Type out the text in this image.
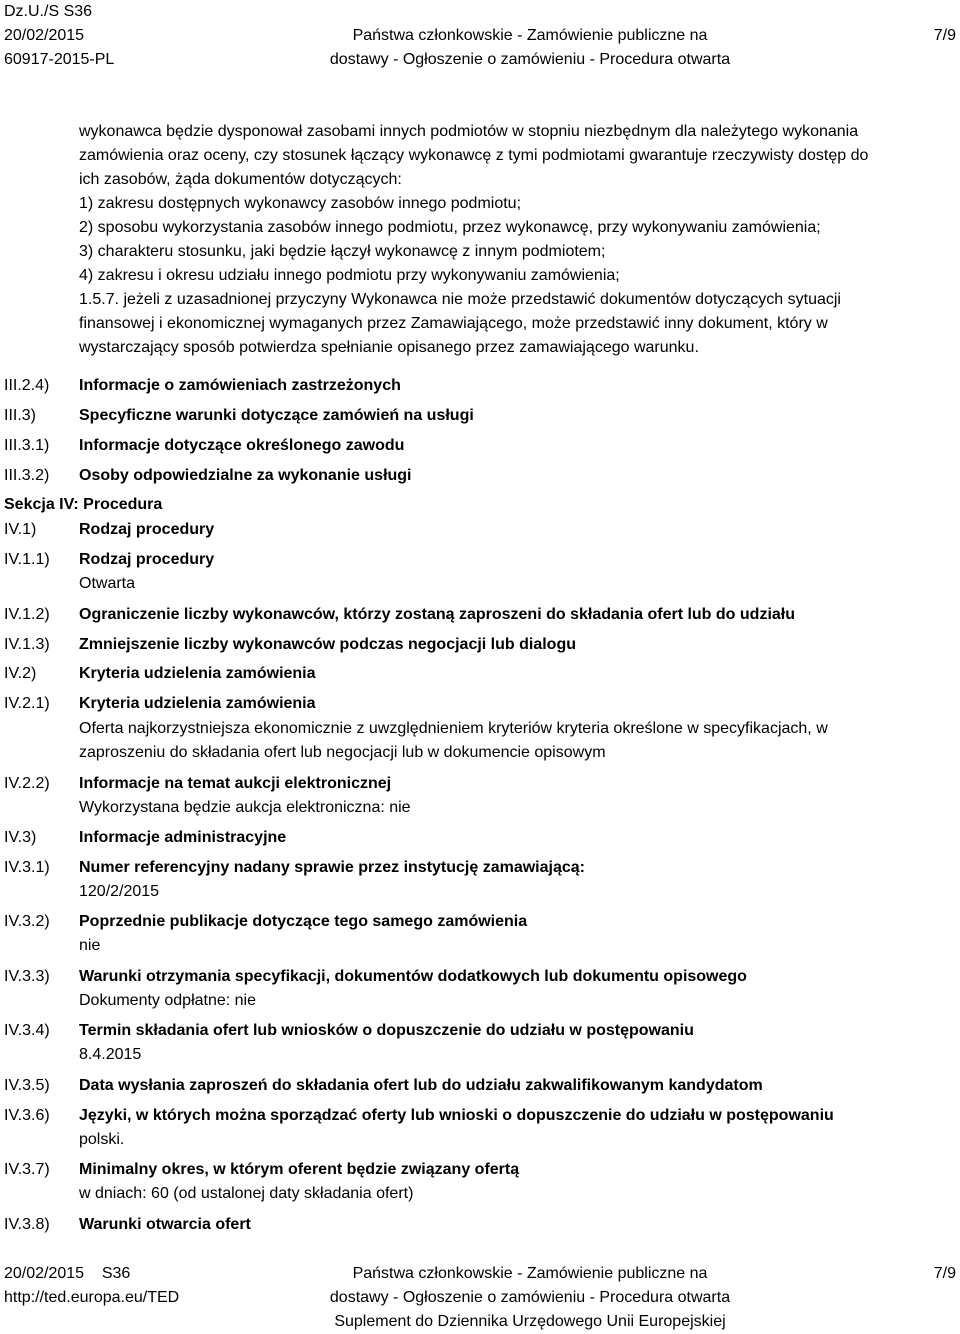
Dz.U./S S36
20/02/2015
60917-2015-PL
Państwa członkowskie - Zamówienie publiczne na
dostawy - Ogłoszenie o zamówieniu - Procedura otwarta
7/9
wykonawca będzie dysponował zasobami innych podmiotów w stopniu niezbędnym dla należytego wykonania
zamówienia oraz oceny, czy stosunek łączący wykonawcę z tymi podmiotami gwarantuje rzeczywisty dostęp do
ich zasobów, żąda dokumentów dotyczących:
1) zakresu dostępnych wykonawcy zasobów innego podmiotu;
2) sposobu wykorzystania zasobów innego podmiotu, przez wykonawcę, przy wykonywaniu zamówienia;
3) charakteru stosunku, jaki będzie łączył wykonawcę z innym podmiotem;
4) zakresu i okresu udziału innego podmiotu przy wykonywaniu zamówienia;
1.5.7. jeżeli z uzasadnionej przyczyny Wykonawca nie może przedstawić dokumentów dotyczących sytuacji
finansowej i ekonomicznej wymaganych przez Zamawiającego, może przedstawić inny dokument, który w
wystarczający sposób potwierdza spełnianie opisanego przez zamawiającego warunku.
III.2.4) Informacje o zamówieniach zastrzeżonych
III.3)	Specyficzne warunki dotyczące zamówień na usługi
III.3.1) Informacje dotyczące określonego zawodu
III.3.2) Osoby odpowiedzialne za wykonanie usługi
Sekcja IV: Procedura
IV.1)	Rodzaj procedury
IV.1.1) Rodzaj procedury
Otwarta
IV.1.2) Ograniczenie liczby wykonawców, którzy zostaną zaproszeni do składania ofert lub do udziału
IV.1.3) Zmniejszenie liczby wykonawców podczas negocjacji lub dialogu
IV.2)	Kryteria udzielenia zamówienia
IV.2.1) Kryteria udzielenia zamówienia
Oferta najkorzystniejsza ekonomicznie z uwzględnieniem kryteriów kryteria określone w specyfikacjach, w
zaproszeniu do składania ofert lub negocjacji lub w dokumencie opisowym
IV.2.2) Informacje na temat aukcji elektronicznej
Wykorzystana będzie aukcja elektroniczna: nie
IV.3)	Informacje administracyjne
IV.3.1) Numer referencyjny nadany sprawie przez instytucję zamawiającą:
120/2/2015
IV.3.2) Poprzednie publikacje dotyczące tego samego zamówienia
nie
IV.3.3) Warunki otrzymania specyfikacji, dokumentów dodatkowych lub dokumentu opisowego
Dokumenty odpłatne: nie
IV.3.4) Termin składania ofert lub wniosków o dopuszczenie do udziału w postępowaniu
8.4.2015
IV.3.5) Data wysłania zaproszeń do składania ofert lub do udziału zakwalifikowanym kandydatom
IV.3.6) Języki, w których można sporządzać oferty lub wnioski o dopuszczenie do udziału w postępowaniu
polski.
IV.3.7) Minimalny okres, w którym oferent będzie związany ofertą
w dniach: 60 (od ustalonej daty składania ofert)
IV.3.8) Warunki otwarcia ofert
20/02/2015    S36
http://ted.europa.eu/TED
Państwa członkowskie - Zamówienie publiczne na
dostawy - Ogłoszenie o zamówieniu - Procedura otwarta
Suplement do Dziennika Urzędowego Unii Europejskiej
7/9
